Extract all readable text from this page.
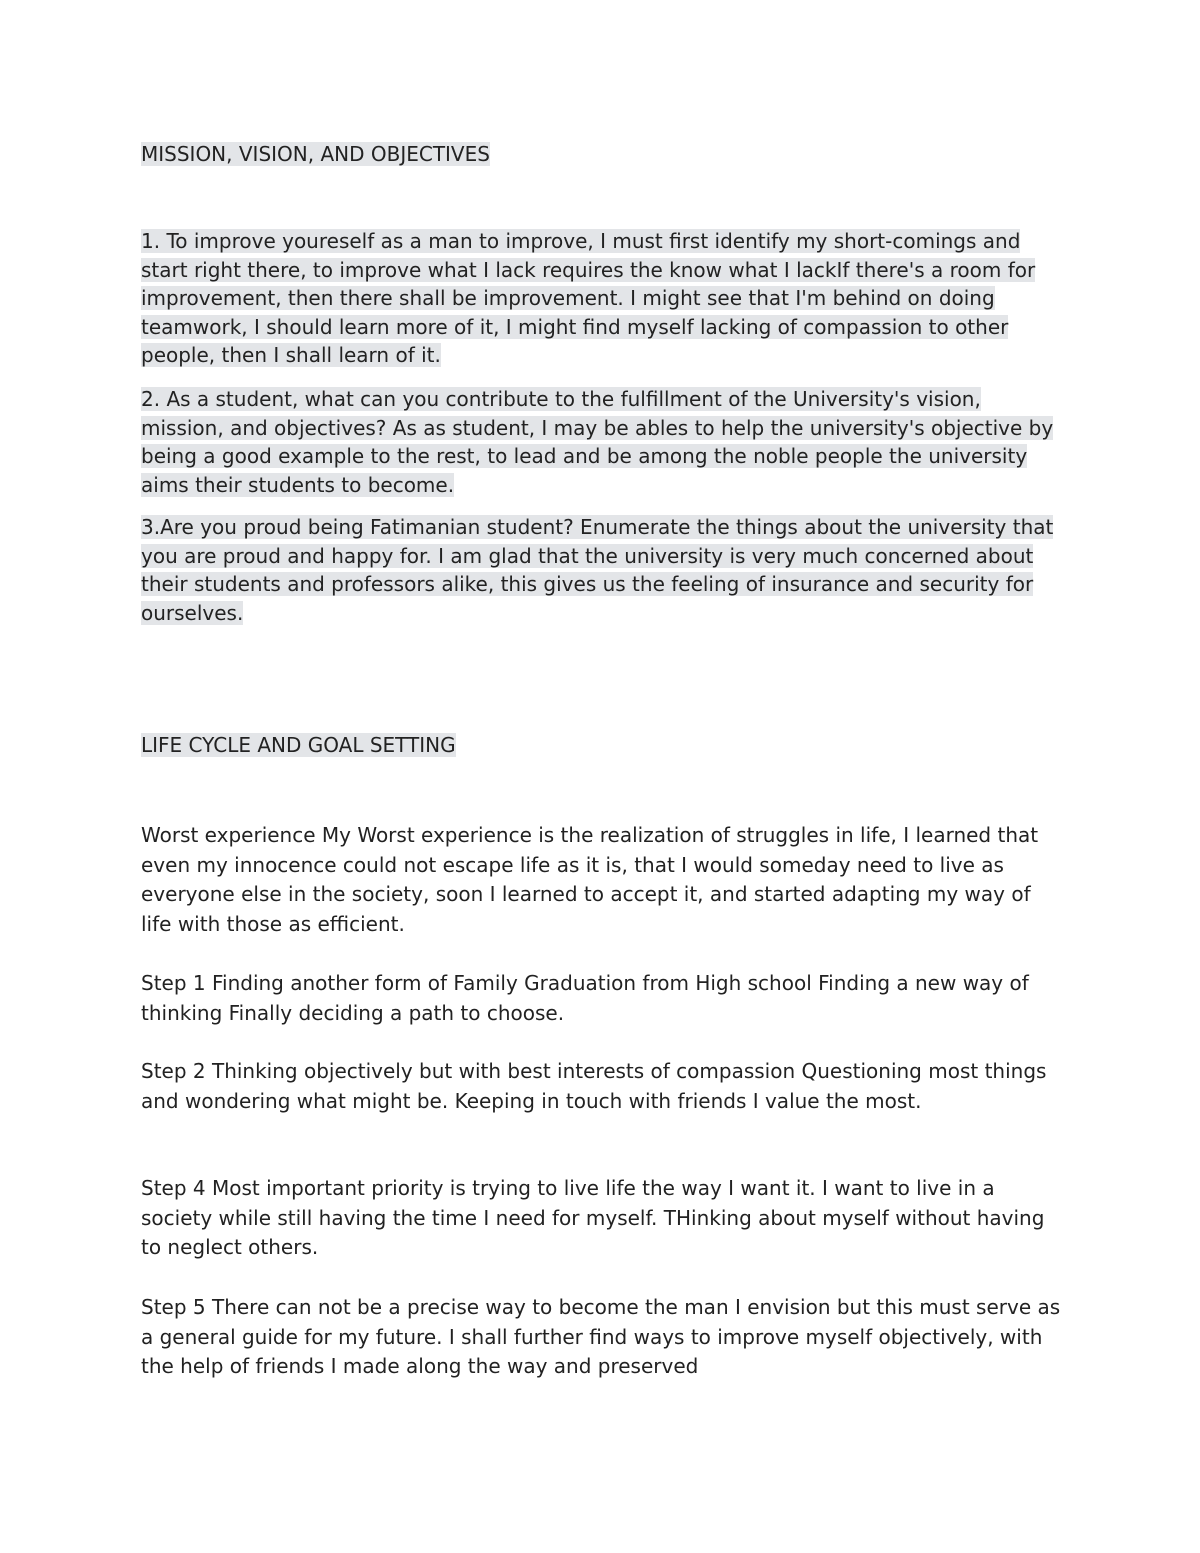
MISSION, VISION, AND OBJECTIVES

1. To improve youreself as a man to improve, I must first identify my short-comings and start right there, to improve what I lack requires the know what I lackIf there's a room for improvement, then there shall be improvement. I might see that I'm behind on doing teamwork, I should learn more of it, I might find myself lacking of compassion to other people, then I shall learn of it.

2. As a student, what can you contribute to the fulfillment of the University's vision, mission, and objectives? As as student, I may be ables to help the university's objective by being a good example to the rest, to lead and be among the noble people the university aims their students to become.

3.Are you proud being Fatimanian student? Enumerate the things about the university that you are proud and happy for. I am glad that the university is very much concerned about their students and professors alike, this gives us the feeling of insurance and security for ourselves.

LIFE CYCLE AND GOAL SETTING

Worst experience My Worst experience is the realization of struggles in life, I learned that even my innocence could not escape life as it is, that I would someday need to live as everyone else in the society, soon I learned to accept it, and started adapting my way of life with those as efficient.

Step 1 Finding another form of Family Graduation from High school Finding a new way of thinking Finally deciding a path to choose.

Step 2 Thinking objectively but with best interests of compassion Questioning most things and wondering what might be. Keeping in touch with friends I value the most.

Step 4 Most important priority is trying to live life the way I want it. I want to live in a society while still having the time I need for myself. THinking about myself without having to neglect others.

Step 5 There can not be a precise way to become the man I envision but this must serve as a general guide for my future. I shall further find ways to improve myself objectively, with the help of friends I made along the way and preserved
